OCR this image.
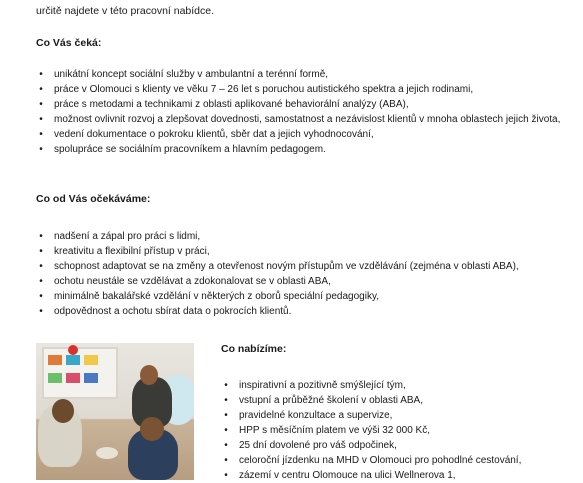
určitě najdete v této pracovní nabídce.
Co Vás čeká:
•	unikátní koncept sociální služby v ambulantní a terénní formě,
•	práce v Olomouci s klienty ve věku 7 – 26 let s poruchou autistického spektra a jejich rodinami,
•	práce s metodami a technikami z oblasti aplikované behaviorální analýzy (ABA),
•	možnost ovlivnit rozvoj a zlepšovat dovednosti, samostatnost a nezávislost klientů v mnoha oblastech jejich života,
•	vedení dokumentace o pokroku klientů, sběr dat a jejich vyhodnocování,
•	spolupráce se sociálním pracovníkem a hlavním pedagogem.
Co od Vás očekáváme:
•	nadšení a zápal pro práci s lidmi,
•	kreativitu a flexibilní přístup v práci,
•	schopnost adaptovat se na změny a otevřenost novým přístupům ve vzdělávání (zejména v oblasti ABA),
•	ochotu neustále se vzdělávat a zdokonalovat se v oblasti ABA,
•	minimálně bakalářské vzdělání v některých z oborů speciální pedagogiky,
•	odpovědnost a ochotu sbírat data o pokrocích klientů.
Co nabízíme:
•	inspirativní a pozitivně smýšlející tým,
•	vstupní a průběžné školení v oblasti ABA,
•	pravidelné konzultace a supervize,
•	HPP s měsíčním platem ve výši 32 000 Kč,
•	25 dní dovolené pro váš odpočinek,
•	celoroční jízdenku na MHD v Olomouci pro pohodlné cestování,
•	zázemí v centru Olomouce na ulici Wellnerova 1,
